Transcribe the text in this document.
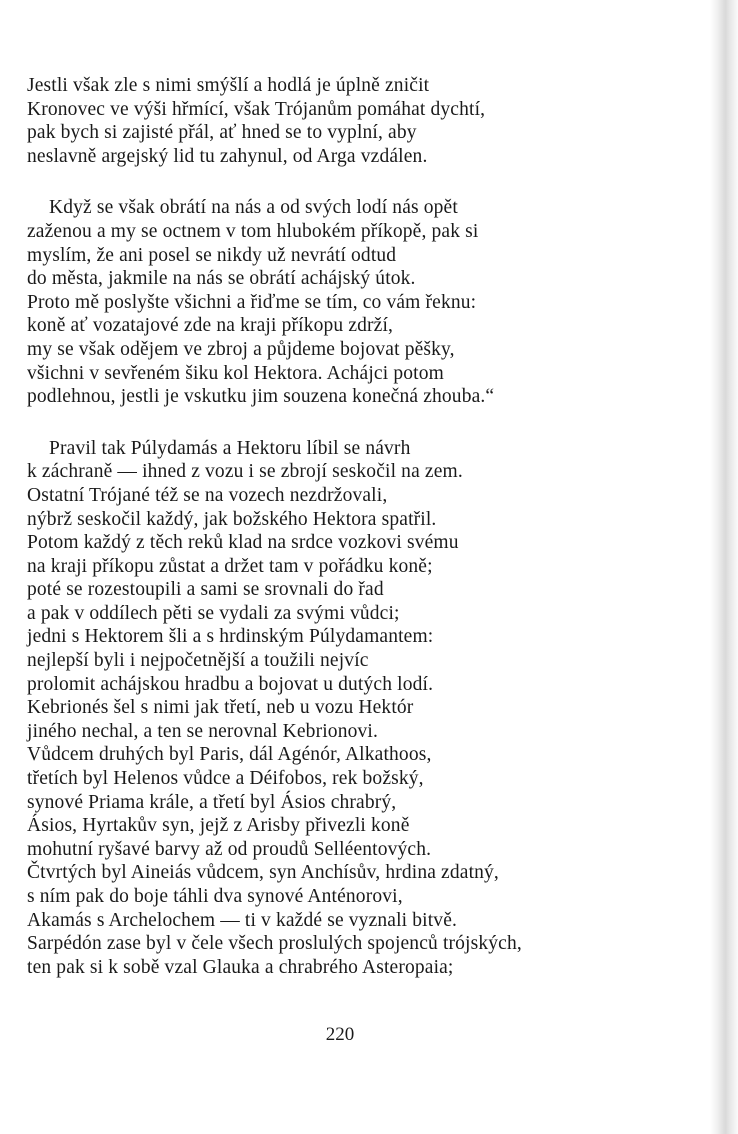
Jestli však zle s nimi smýšlí a hodlá je úplně zničit
Kronovec ve výši hřmící, však Trójanům pomáhat dychtí,
pak bych si zajisté přál, ať hned se to vyplní, aby
neslavně argejský lid tu zahynul, od Arga vzdálen.
Když se však obrátí na nás a od svých lodí nás opět
zaženou a my se octnem v tom hlubokém příkopě, pak si
myslím, že ani posel se nikdy už nevrátí odtud
do města, jakmile na nás se obrátí achájský útok.
Proto mě poslyšte všichni a řiďme se tím, co vám řeknu:
koně ať vozatajové zde na kraji příkopu zdrží,
my se však odějem ve zbroj a půjdeme bojovat pěšky,
všichni v sevřeném šiku kol Hektora. Achájci potom
podlehnou, jestli je vskutku jim souzena konečná zhouba.“
Pravil tak Púlydamás a Hektoru líbil se návrh
k záchraně — ihned z vozu i se zbrojí seskočil na zem.
Ostatní Trójané též se na vozech nezdržovali,
nýbrž seskočil každý, jak božského Hektora spatřil.
Potom každý z těch reků klad na srdce vozkovi svému
na kraji příkopu zůstat a držet tam v pořádku koně;
poté se rozestoupili a sami se srovnali do řad
a pak v oddílech pěti se vydali za svými vůdci;
jedni s Hektorem šli a s hrdinským Púlydamantem:
nejlepší byli i nejpočetnější a toužili nejvíc
prolomit achájskou hradbu a bojovat u dutých lodí.
Kebrionés šel s nimi jak třetí, neb u vozu Hektór
jiného nechal, a ten se nerovnal Kebrionovi.
Vůdcem druhých byl Paris, dál Agénór, Alkathoos,
třetích byl Helenos vůdce a Déifobos, rek božský,
synové Priama krále, a třetí byl Ásios chrabrý,
Ásios, Hyrtakův syn, jejž z Arisby přivezli koně
mohutní ryšavé barvy až od proudů Selléentových.
Čtvrtých byl Aineiás vůdcem, syn Anchísův, hrdina zdatný,
s ním pak do boje táhli dva synové Anténorovi,
Akamás s Archelochem — ti v každé se vyznali bitvě.
Sarpédón zase byl v čele všech proslulých spojenců trójských,
ten pak si k sobě vzal Glauka a chrabrého Asteropaia;
220
